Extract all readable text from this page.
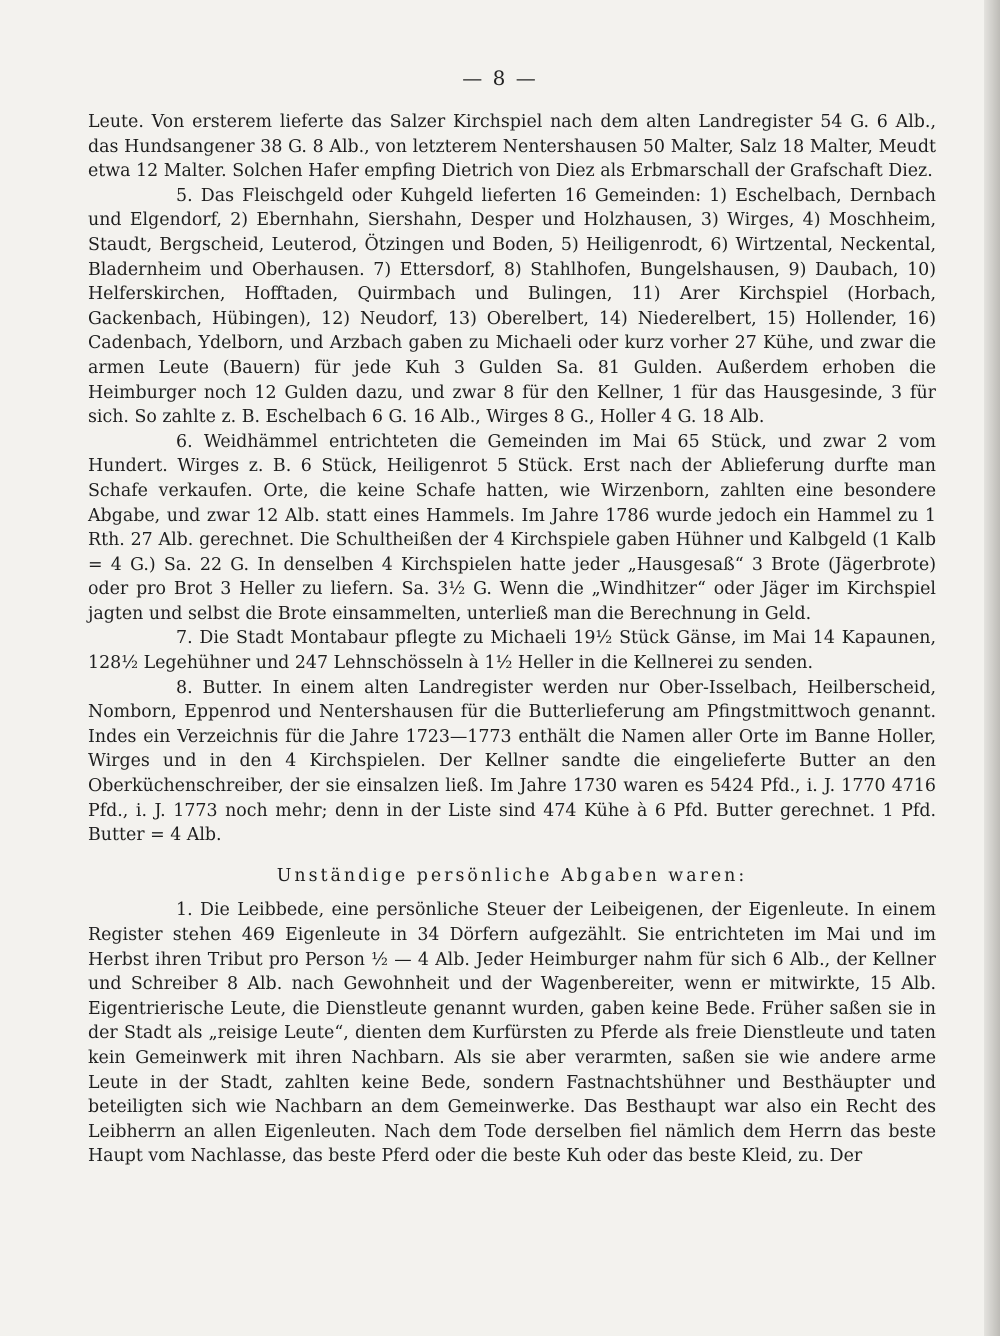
— 8 —

Leute. Von ersterem lieferte das Salzer Kirchspiel nach dem alten Landregister 54 G. 6 Alb., das Hundsangener 38 G. 8 Alb., von letzterem Nentershausen 50 Malter, Salz 18 Malter, Meudt etwa 12 Malter. Solchen Hafer empfing Dietrich von Diez als Erbmarschall der Grafschaft Diez.

5. Das Fleischgeld oder Kuhgeld lieferten 16 Gemeinden: 1) Eschelbach, Dernbach und Elgendorf, 2) Ebernhahn, Siershahn, Desper und Holzhausen, 3) Wirges, 4) Moschheim, Staudt, Bergscheid, Leuterod, Ötzingen und Boden, 5) Heiligenrodt, 6) Wirtzental, Neckental, Bladernheim und Oberhausen. 7) Ettersdorf, 8) Stahlhofen, Bungelshausen, 9) Daubach, 10) Helferskirchen, Hofftaden, Quirmbach und Bulingen, 11) Arer Kirchspiel (Horbach, Gackenbach, Hübingen), 12) Neudorf, 13) Oberelbert, 14) Niederelbert, 15) Hollender, 16) Cadenbach, Ydelborn, und Arzbach gaben zu Michaeli oder kurz vorher 27 Kühe, und zwar die armen Leute (Bauern) für jede Kuh 3 Gulden Sa. 81 Gulden. Außerdem erhoben die Heimburger noch 12 Gulden dazu, und zwar 8 für den Kellner, 1 für das Hausgesinde, 3 für sich. So zahlte z. B. Eschelbach 6 G. 16 Alb., Wirges 8 G., Holler 4 G. 18 Alb.

6. Weidhämmel entrichteten die Gemeinden im Mai 65 Stück, und zwar 2 vom Hundert. Wirges z. B. 6 Stück, Heiligenrot 5 Stück. Erst nach der Ablieferung durfte man Schafe verkaufen. Orte, die keine Schafe hatten, wie Wirzenborn, zahlten eine besondere Abgabe, und zwar 12 Alb. statt eines Hammels. Im Jahre 1786 wurde jedoch ein Hammel zu 1 Rth. 27 Alb. gerechnet. Die Schultheißen der 4 Kirchspiele gaben Hühner und Kalbgeld (1 Kalb = 4 G.) Sa. 22 G. In denselben 4 Kirchspielen hatte jeder „Hausgesaß“ 3 Brote (Jägerbrote) oder pro Brot 3 Heller zu liefern. Sa. 3½ G. Wenn die „Windhitzer“ oder Jäger im Kirchspiel jagten und selbst die Brote einsammelten, unterließ man die Berechnung in Geld.

7. Die Stadt Montabaur pflegte zu Michaeli 19½ Stück Gänse, im Mai 14 Kapaunen, 128½ Legehühner und 247 Lehnschösseln à 1½ Heller in die Kellnerei zu senden.

8. Butter. In einem alten Landregister werden nur Ober-Isselbach, Heilberscheid, Nomborn, Eppenrod und Nentershausen für die Butterlieferung am Pfingstmittwoch genannt. Indes ein Verzeichnis für die Jahre 1723—1773 enthält die Namen aller Orte im Banne Holler, Wirges und in den 4 Kirchspielen. Der Kellner sandte die eingelieferte Butter an den Oberküchenschreiber, der sie einsalzen ließ. Im Jahre 1730 waren es 5424 Pfd., i. J. 1770 4716 Pfd., i. J. 1773 noch mehr; denn in der Liste sind 474 Kühe à 6 Pfd. Butter gerechnet. 1 Pfd. Butter = 4 Alb.

Unständige persönliche Abgaben waren:

1. Die Leibbede, eine persönliche Steuer der Leibeigenen, der Eigenleute. In einem Register stehen 469 Eigenleute in 34 Dörfern aufgezählt. Sie entrichteten im Mai und im Herbst ihren Tribut pro Person ½ — 4 Alb. Jeder Heimburger nahm für sich 6 Alb., der Kellner und Schreiber 8 Alb. nach Gewohnheit und der Wagenbereiter, wenn er mitwirkte, 15 Alb. Eigentrierische Leute, die Dienstleute genannt wurden, gaben keine Bede. Früher saßen sie in der Stadt als „reisige Leute“, dienten dem Kurfürsten zu Pferde als freie Dienstleute und taten kein Gemeinwerk mit ihren Nachbarn. Als sie aber verarmten, saßen sie wie andere arme Leute in der Stadt, zahlten keine Bede, sondern Fastnachtshühner und Besthäupter und beteiligten sich wie Nachbarn an dem Gemeinwerke. Das Besthaupt war also ein Recht des Leibherrn an allen Eigenleuten. Nach dem Tode derselben fiel nämlich dem Herrn das beste Haupt vom Nachlasse, das beste Pferd oder die beste Kuh oder das beste Kleid, zu. Der
